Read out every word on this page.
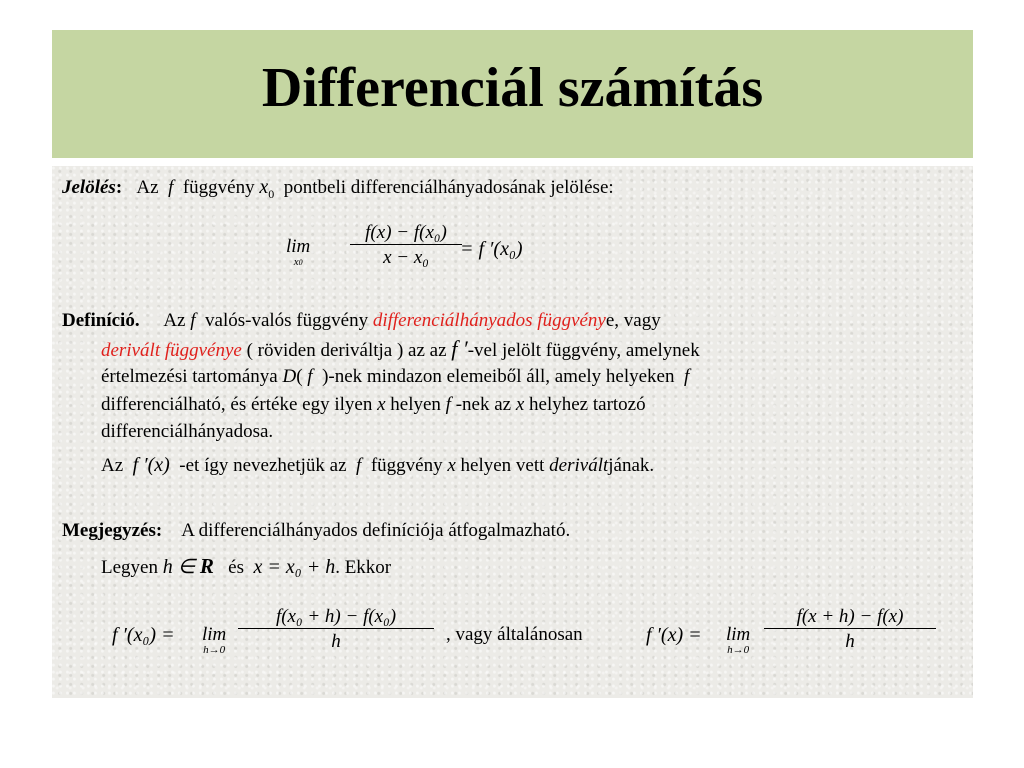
Differenciál számítás
Jelölés: Az f függvény $x_0$ pontbeli differenciálhányadosának jelölése:
lim
x0	$\frac{\text{f(x) − f(x₀)}}{\text{x − x₀}}$
= f ′(x₀)
Definíció. Az f valós-valós függvény differenciálhányados függvénye, vagy
derivált függvénye ( röviden deriváltja ) az az f ′-vel jelölt függvény, amelynek
értelmezési tartománya D( f )-nek mindazon elemeiből áll, amely helyeken f
differenciálható, és értéke egy ilyen x helyen f -nek az x helyhez tartozó
differenciálhányadosa.
Az f ′(x) -et így nevezhetjük az f függvény x helyen vett deriváltjának.
Megjegyzés: A differenciálhányados definíciója átfogalmazható.
Legyen h ∈ R és x = x₀ + h. Ekkor
f ′(x₀) = lim
$h\to 0 \frac{\text{f(x₀ + h) − f(x₀)}}{h}$ , vagy általánosan	f ′(x) = lim
$h\to 0 \frac{f(x + h) - f(x)}{h}$
